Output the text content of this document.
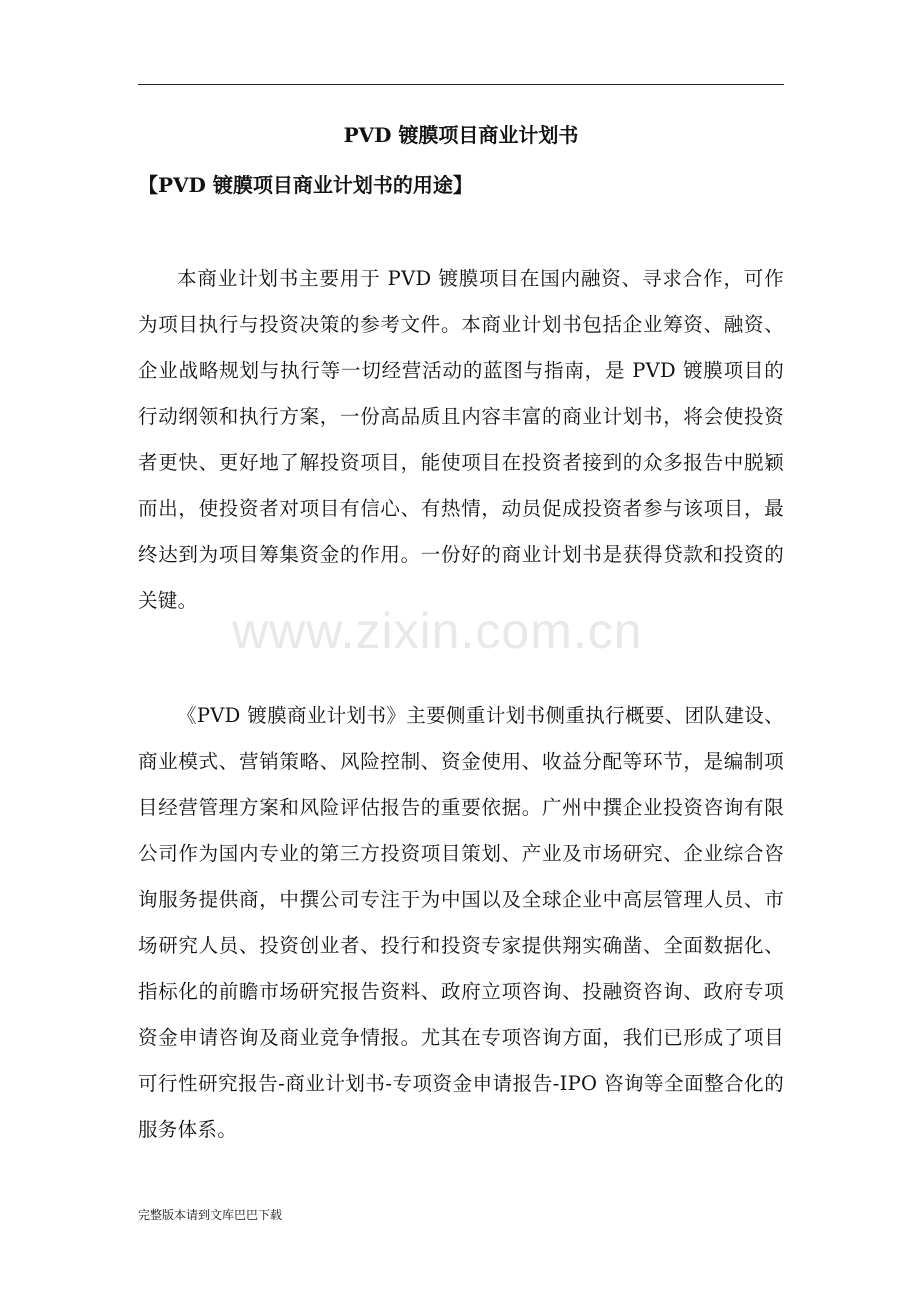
PVD 镀膜项目商业计划书
【PVD 镀膜项目商业计划书的用途】

本商业计划书主要用于 PVD 镀膜项目在国内融资、寻求合作，可作为项目执行与投资决策的参考文件。本商业计划书包括企业筹资、融资、企业战略规划与执行等一切经营活动的蓝图与指南，是 PVD 镀膜项目的行动纲领和执行方案，一份高品质且内容丰富的商业计划书，将会使投资者更快、更好地了解投资项目，能使项目在投资者接到的众多报告中脱颖而出，使投资者对项目有信心、有热情，动员促成投资者参与该项目，最终达到为项目筹集资金的作用。一份好的商业计划书是获得贷款和投资的关键。

www.zixin.com.cn

《PVD 镀膜商业计划书》主要侧重计划书侧重执行概要、团队建设、商业模式、营销策略、风险控制、资金使用、收益分配等环节，是编制项目经营管理方案和风险评估报告的重要依据。广州中撰企业投资咨询有限公司作为国内专业的第三方投资项目策划、产业及市场研究、企业综合咨询服务提供商，中撰公司专注于为中国以及全球企业中高层管理人员、市场研究人员、投资创业者、投行和投资专家提供翔实确凿、全面数据化、指标化的前瞻市场研究报告资料、政府立项咨询、投融资咨询、政府专项资金申请咨询及商业竞争情报。尤其在专项咨询方面，我们已形成了项目可行性研究报告-商业计划书-专项资金申请报告-IPO 咨询等全面整合化的服务体系。

完整版本请到文库巴巴下载
